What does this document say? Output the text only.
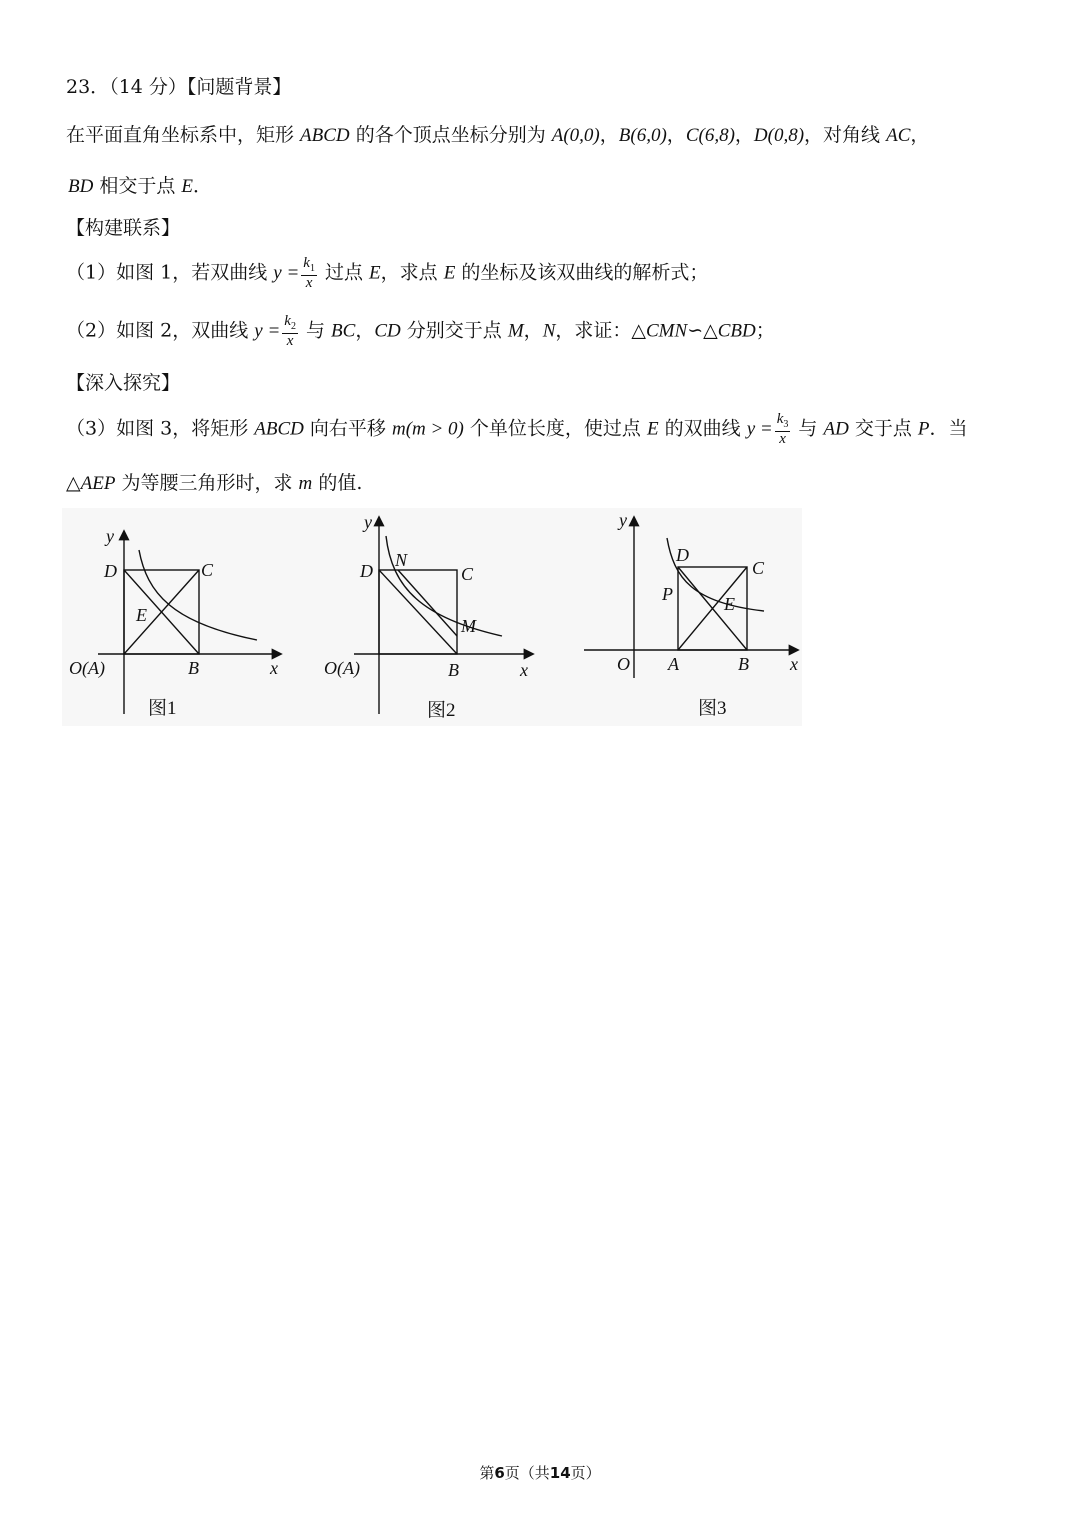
23．（14 分）【问题背景】
在平面直角坐标系中，矩形 ABCD 的各个顶点坐标分别为 A(0,0)，B(6,0)，C(6,8)，D(0,8)，对角线 AC，
BD 相交于点 E．
【构建联系】
（1）如图 1，若双曲线 $y = \frac{k_1}{x}$ 过点 E，求点 E 的坐标及该双曲线的解析式；
（2）如图 2，双曲线 $y = \frac{k_2}{x}$ 与 BC，CD 分别交于点 M，N，求证：△CMN∽△CBD；
【深入探究】
（3）如图 3，将矩形 ABCD 向右平移 m(m > 0) 个单位长度，使过点 E 的双曲线 $y = \frac{k_3}{x}$ 与 AD 交于点 P．当
△AEP 为等腰三角形时，求 m 的值.
y
x
D	C
E
O(A)	B
图1
y
x
D
N
C
M
O(A)	B
图2
y
x
D
C
P	E
O A	B
图3
第6页（共14页）
